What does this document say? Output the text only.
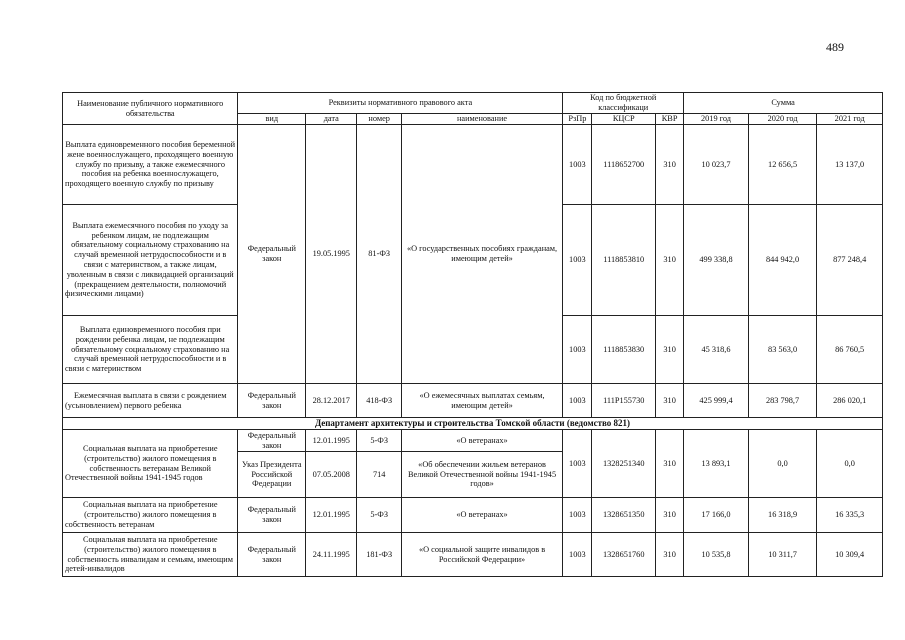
489
Наименование публичного нормативного обязательства	Реквизиты нормативного правового акта				Код по бюджетной классификаци			Сумма		
	вид	дата	номер	наименование	РзПр	КЦСР	КВР	2019 год	2020 год	2021 год
Выплата единовременного пособия беременной жене военнослужащего, проходящего военную службу по призыву, а также ежемесячного пособия на ребенка военнослужащего, проходящего военную службу по призыву	Федеральный закон	19.05.1995	81-ФЗ	«О государственных пособиях гражданам, имеющим детей»	1003	1118652700	310	10 023,7	12 656,5	13 137,0
Выплата ежемесячного пособия по уходу за ребенком лицам, не подлежащим обязательному социальному страхованию на случай временной нетрудоспособности и в связи с материнством, а также лицам, уволенным в связи с ликвидацией организаций (прекращением деятельности, полномочий физическими лицами)					1003	1118853810	310	499 338,8	844 942,0	877 248,4
Выплата единовременного пособия при рождении ребенка лицам, не подлежащим обязательному социальному страхованию на случай временной нетрудоспособности и в связи с материнством					1003	1118853830	310	45 318,6	83 563,0	86 760,5
Ежемесячная выплата в связи с рождением (усыновлением) первого ребенка	Федеральный закон	28.12.2017	418-ФЗ	«О ежемесячных выплатах семьям, имеющим детей»	1003	111P155730	310	425 999,4	283 798,7	286 020,1
Департамент архитектуры и строительства Томской области (ведомство 821)										
Социальная выплата на приобретение (строительство) жилого помещения в собственность ветеранам Великой Отечественной войны 1941-1945 годов	Федеральный закон	12.01.1995	5-ФЗ	«О ветеранах»	1003	1328251340	310	13 893,1	0,0	0,0
	Указ Президента Российской Федерации	07.05.2008	714	«Об обеспечении жильем ветеранов Великой Отечественной войны 1941-1945 годов»						
Социальная выплата на приобретение (строительство) жилого помещения в собственность ветеранам	Федеральный закон	12.01.1995	5-ФЗ	«О ветеранах»	1003	1328651350	310	17 166,0	16 318,9	16 335,3
Социальная выплата на приобретение (строительство) жилого помещения в собственность инвалидам и семьям, имеющим детей-инвалидов	Федеральный закон	24.11.1995	181-ФЗ	«О социальной защите инвалидов в Российской Федерации»	1003	1328651760	310	10 535,8	10 311,7	10 309,4
